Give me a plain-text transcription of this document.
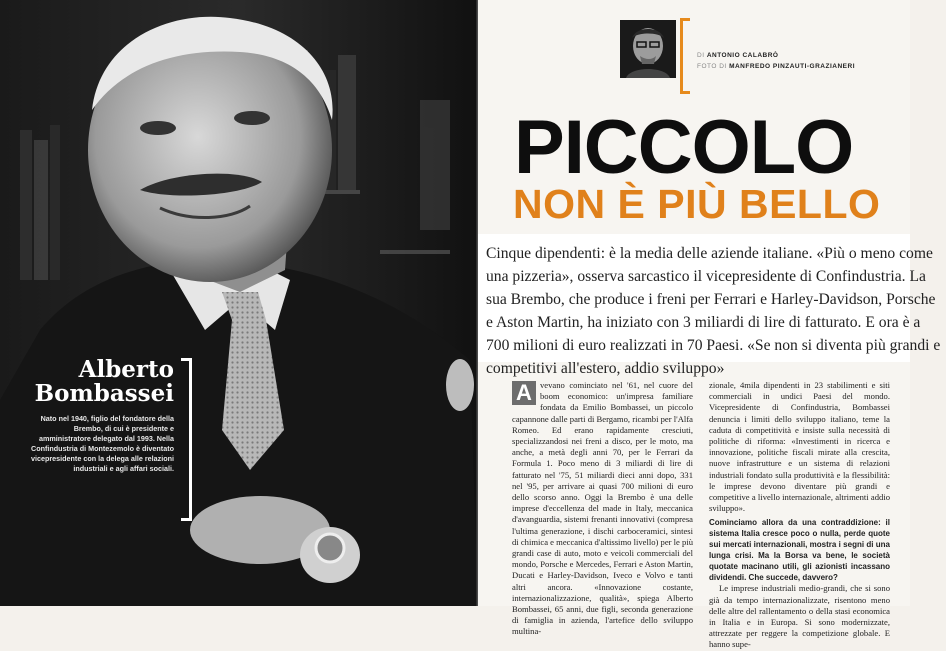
Alberto
Bombassei
Nato nel 1940, figlio del fondatore della Brembo, di cui è presidente e amministratore delegato dal 1993. Nella Confindustria di Montezemolo è diventato vicepresidente con la delega alle relazioni industriali e agli affari sociali.
DI ANTONIO CALABRÒ
FOTO DI MANFREDO PINZAUTI-GRAZIANERI
PICCOLO
NON È PIÙ BELLO

Cinque dipendenti: è la media delle aziende italiane. «Più o meno come una pizzeria», osserva sarcastico il vicepresidente di Confindustria. La sua Brembo, che produce i freni per Ferrari e Harley-Davidson, Porsche e Aston Martin, ha iniziato con 3 miliardi di lire di fatturato. E ora è a 700 milioni di euro realizzati in 70 Paesi. «Se non si diventa più grandi e competitivi all'estero, addio sviluppo»

A vevano cominciato nel '61, nel cuore del boom economico: un'impresa familiare fondata da Emilio Bombassei, un piccolo capannone dalle parti di Bergamo, ricambi per l'Alfa Romeo. Ed erano rapidamente cresciuti, specializzandosi nei freni a disco, per le moto, ma anche, a metà degli anni 70, per le Ferrari da Formula 1. Poco meno di 3 miliardi di lire di fatturato nel '75, 51 miliardi dieci anni dopo, 331 nel '95, per arrivare ai quasi 700 milioni di euro dello scorso anno. Oggi la Brembo è una delle imprese d'eccellenza del made in Italy, meccanica d'avanguardia, sistemi frenanti innovativi (compresa l'ultima generazione, i dischi carboceramici, sintesi di chimica e meccanica d'altissimo livello) per le più grandi case di auto, moto e veicoli commerciali del mondo, Porsche e Mercedes, Ferrari e Aston Martin, Ducati e Harley-Davidson, Iveco e Volvo e tanti altri ancora. «Innovazione costante, internazionalizzazione, qualità», spiega Alberto Bombassei, 65 anni, due figli, seconda generazione di famiglia in azienda, l'artefice dello sviluppo multina-

zionale, 4mila dipendenti in 23 stabilimenti e siti commerciali in undici Paesi del mondo. Vicepresidente di Confindustria, Bombassei denuncia i limiti dello sviluppo italiano, teme la caduta di competitività e insiste sulla necessità di politiche di riforma: «Investimenti in ricerca e innovazione, politiche fiscali mirate alla crescita, nuove infrastrutture e un sistema di relazioni industriali fondato sulla produttività e la flessibilità: le imprese devono diventare più grandi e competitive a livello internazionale, altrimenti addio sviluppo».

Cominciamo allora da una contraddizione: il sistema Italia cresce poco o nulla, perde quote sui mercati internazionali, mostra i segni di una lunga crisi. Ma la Borsa va bene, le società quotate macinano utili, gli azionisti incassano dividendi. Che succede, davvero?

Le imprese industriali medio-grandi, che si sono già da tempo internazionalizzate, risentono meno delle altre del rallentamento o della stasi economica in Italia e in Europa. Si sono modernizzate, attrezzate per reggere la competizione globale. E hanno supe-
